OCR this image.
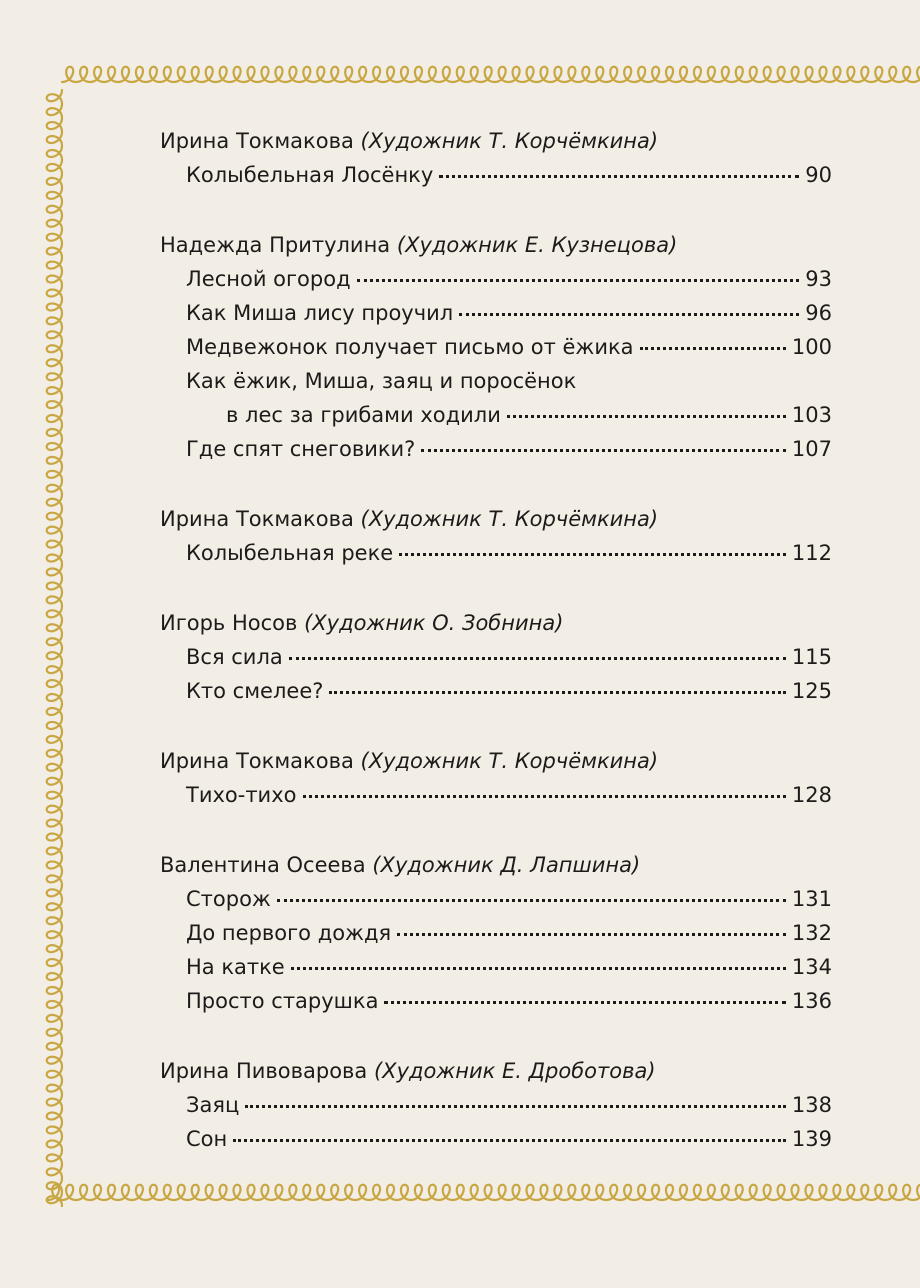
Ирина Токмакова (Художник Т. Корчёмкина)
Колыбельная Лосёнку	90
Надежда Притулина (Художник Е. Кузнецова)
Лесной огород	93
Как Миша лису проучил	96
Медвежонок получает письмо от ёжика	100
Как ёжик, Миша, заяц и поросёнок
в лес за грибами ходили	103
Где спят снеговики?	107
Ирина Токмакова (Художник Т. Корчёмкина)
Колыбельная реке	112
Игорь Носов (Художник О. Зобнина)
Вся сила	115
Кто смелее?	125
Ирина Токмакова (Художник Т. Корчёмкина)
Тихо-тихо	128
Валентина Осеева (Художник Д. Лапшина)
Сторож	131
До первого дождя	132
На катке	134
Просто старушка	136
Ирина Пивоварова (Художник Е. Дроботова)
Заяц	138
Сон	139
